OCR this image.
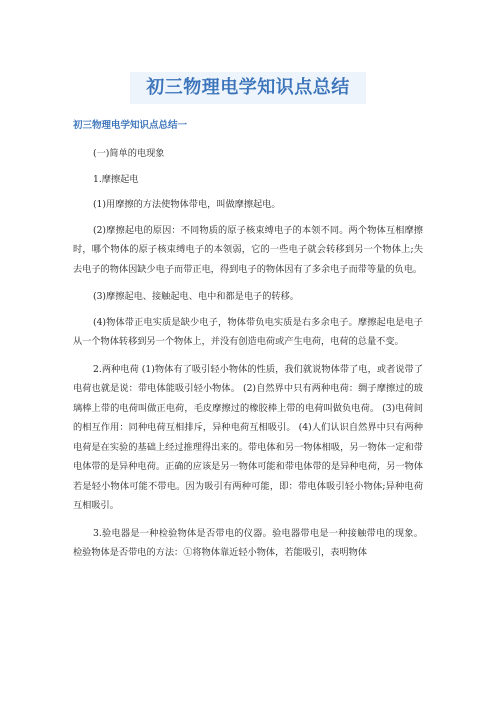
初三物理电学知识点总结
初三物理电学知识点总结一

(一)简单的电现象

1.摩擦起电

(1)用摩擦的方法使物体带电，叫做摩擦起电。

(2)摩擦起电的原因：不同物质的原子核束缚电子的本领不同。两个物体互相摩擦时，哪个物体的原子核束缚电子的本领弱，它的一些电子就会转移到另一个物体上;失去电子的物体因缺少电子而带正电，得到电子的物体因有了多余电子而带等量的负电。

(3)摩擦起电、接触起电、电中和都是电子的转移。

(4)物体带正电实质是缺少电子，物体带负电实质是右多余电子。摩擦起电是电子从一个物体转移到另一个物体上，并没有创造电荷或产生电荷，电荷的总量不变。

2.两种电荷 (1)物体有了吸引轻小物体的性质，我们就说物体带了电，或者说带了电荷也就是说：带电体能吸引轻小物体。 (2)自然界中只有两种电荷：绸子摩擦过的玻璃棒上带的电荷叫做正电荷，毛皮摩擦过的橡胶棒上带的电荷叫做负电荷。 (3)电荷间的相互作用：同种电荷互相排斥，异种电荷互相吸引。 (4)人们认识自然界中只有两种电荷是在实验的基础上经过推理得出来的。带电体和另一物体相吸，另一物体一定和带电体带的是异种电荷。正确的应该是另一物体可能和带电体带的是异种电荷，另一物体若是轻小物体可能不带电。因为吸引有两种可能，即：带电体吸引轻小物体;异种电荷互相吸引。

3.验电器是一种检验物体是否带电的仪器。验电器带电是一种接触带电的现象。 检验物体是否带电的方法：①将物体靠近轻小物体，若能吸引，表明物体
